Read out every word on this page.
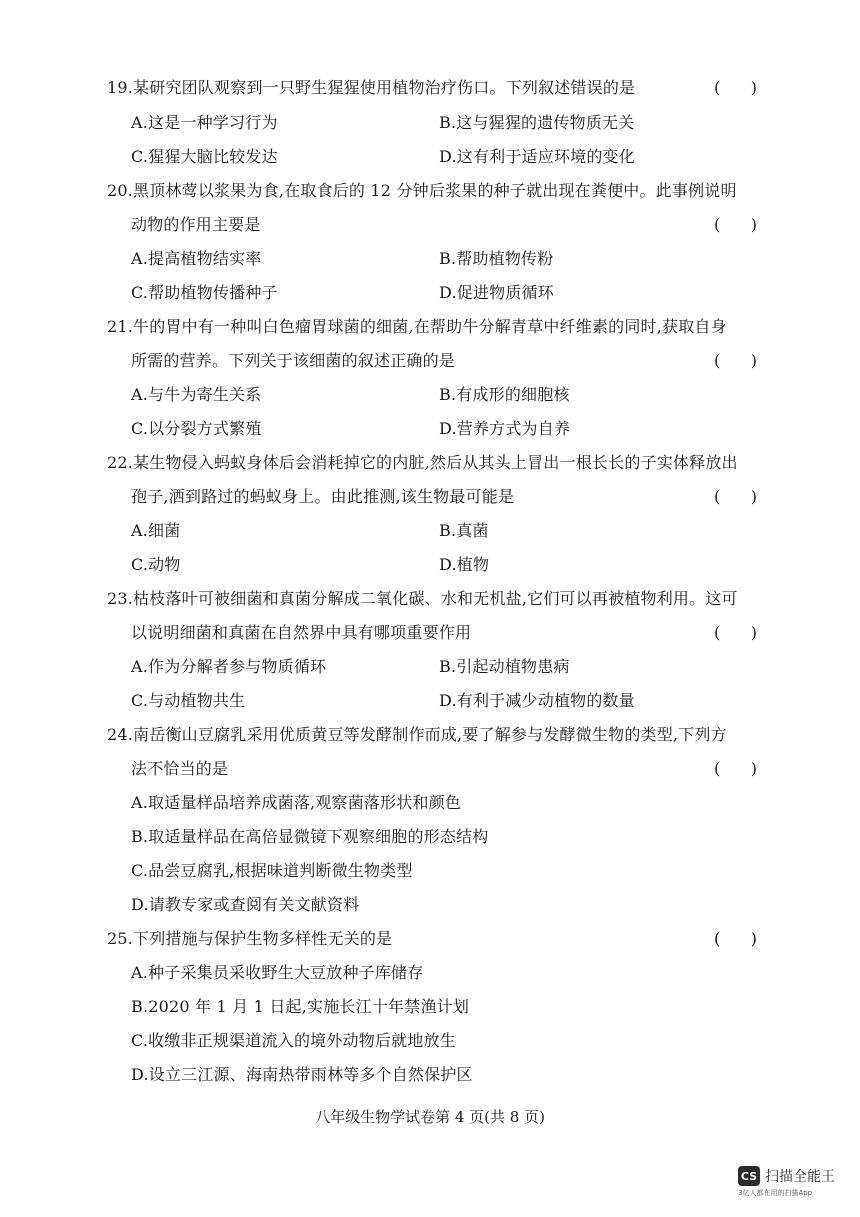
19.某研究团队观察到一只野生猩猩使用植物治疗伤口。下列叙述错误的是	(      )
A.这是一种学习行为	B.这与猩猩的遗传物质无关
C.猩猩大脑比较发达	D.这有利于适应环境的变化
20.黑顶林莺以浆果为食,在取食后的 12 分钟后浆果的种子就出现在粪便中。此事例说明
动物的作用主要是	(      )
A.提高植物结实率	B.帮助植物传粉
C.帮助植物传播种子	D.促进物质循环
21.牛的胃中有一种叫白色瘤胃球菌的细菌,在帮助牛分解青草中纤维素的同时,获取自身
所需的营养。下列关于该细菌的叙述正确的是	(      )
A.与牛为寄生关系	B.有成形的细胞核
C.以分裂方式繁殖	D.营养方式为自养
22.某生物侵入蚂蚁身体后会消耗掉它的内脏,然后从其头上冒出一根长长的子实体释放出
孢子,洒到路过的蚂蚁身上。由此推测,该生物最可能是	(      )
A.细菌	B.真菌
C.动物	D.植物
23.枯枝落叶可被细菌和真菌分解成二氧化碳、水和无机盐,它们可以再被植物利用。这可
以说明细菌和真菌在自然界中具有哪项重要作用	(      )
A.作为分解者参与物质循环	B.引起动植物患病
C.与动植物共生	D.有利于减少动植物的数量
24.南岳衡山豆腐乳采用优质黄豆等发酵制作而成,要了解参与发酵微生物的类型,下列方
法不恰当的是	(      )
A.取适量样品培养成菌落,观察菌落形状和颜色
B.取适量样品在高倍显微镜下观察细胞的形态结构
C.品尝豆腐乳,根据味道判断微生物类型
D.请教专家或查阅有关文献资料
25.下列措施与保护生物多样性无关的是	(      )
A.种子采集员采收野生大豆放种子库储存
B.2020 年 1 月 1 日起,实施长江十年禁渔计划
C.收缴非正规渠道流入的境外动物后就地放生
D.设立三江源、海南热带雨林等多个自然保护区
八年级生物学试卷第 4 页(共 8 页)
CS 扫描全能王
3亿人都在用的扫描App
